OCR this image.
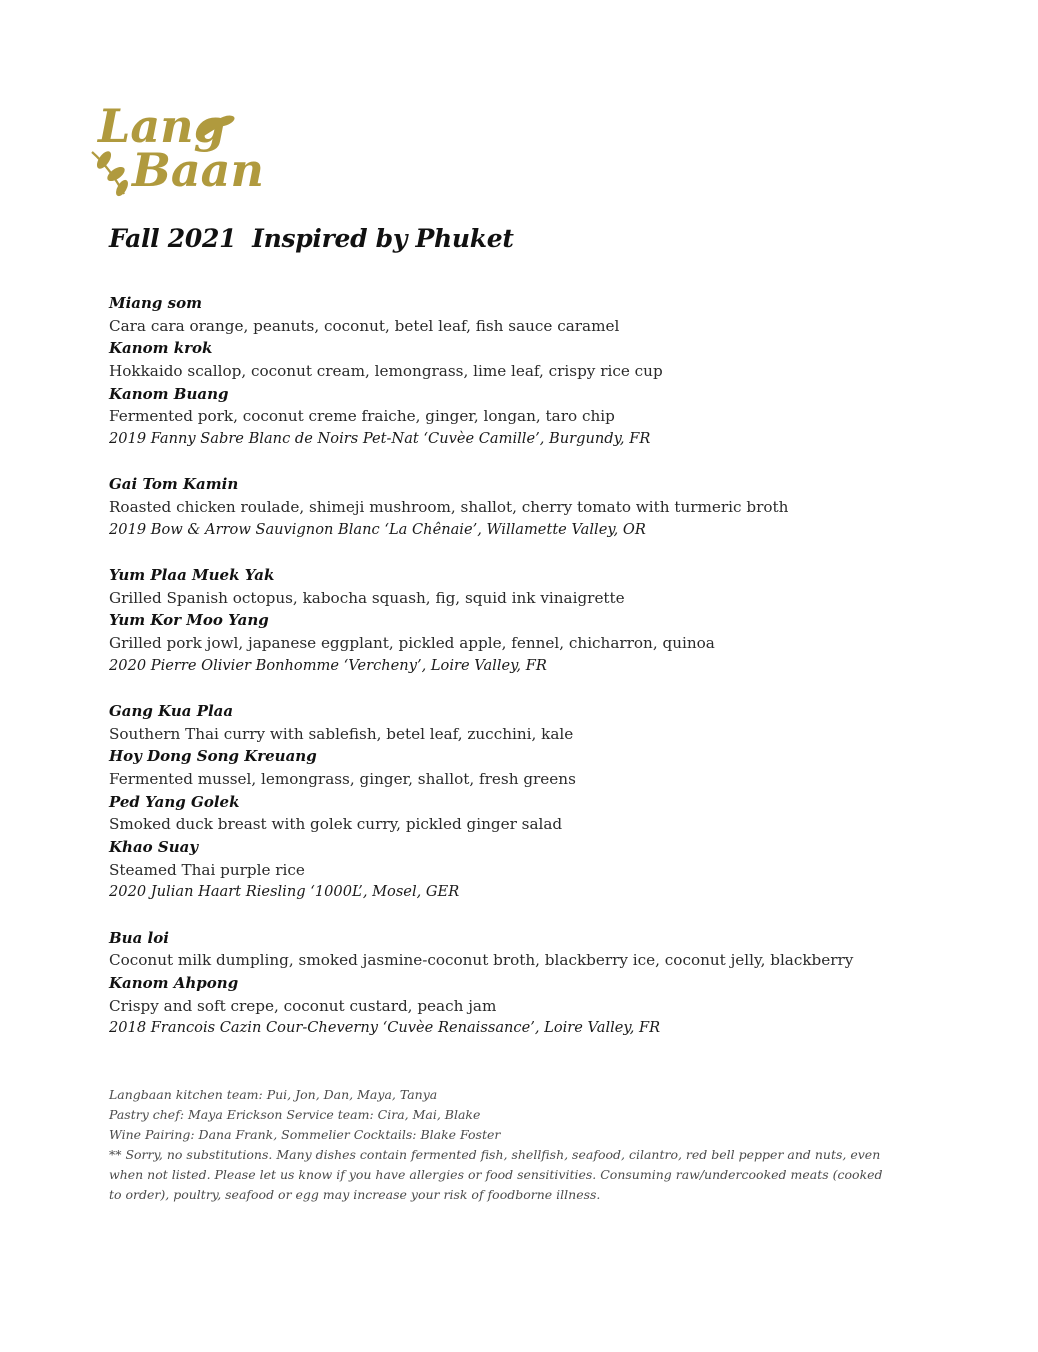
Lang
Baan
Fall 2021 Inspired by Phuket
Miang som
Cara cara orange, peanuts, coconut, betel leaf, fish sauce caramel
Kanom krok
Hokkaido scallop, coconut cream, lemongrass, lime leaf, crispy rice cup
Kanom Buang
Fermented pork, coconut creme fraiche, ginger, longan, taro chip
2019 Fanny Sabre Blanc de Noirs Pet-Nat ‘Cuvèe Camille’, Burgundy, FR
Gai Tom Kamin
Roasted chicken roulade, shimeji mushroom, shallot, cherry tomato with turmeric broth
2019 Bow & Arrow Sauvignon Blanc ‘La Chênaie’, Willamette Valley, OR
Yum Plaa Muek Yak
Grilled Spanish octopus, kabocha squash, fig, squid ink vinaigrette
Yum Kor Moo Yang
Grilled pork jowl, japanese eggplant, pickled apple, fennel, chicharron, quinoa
2020 Pierre Olivier Bonhomme ‘Vercheny’, Loire Valley, FR
Gang Kua Plaa
Southern Thai curry with sablefish, betel leaf, zucchini, kale
Hoy Dong Song Kreuang
Fermented mussel, lemongrass, ginger, shallot, fresh greens
Ped Yang Golek
Smoked duck breast with golek curry, pickled ginger salad
Khao Suay
Steamed Thai purple rice
2020 Julian Haart Riesling ‘1000L’, Mosel, GER
Bua loi
Coconut milk dumpling, smoked jasmine-coconut broth, blackberry ice, coconut jelly, blackberry
Kanom Ahpong
Crispy and soft crepe, coconut custard, peach jam
2018 Francois Cazin Cour-Cheverny ‘Cuvèe Renaissance’, Loire Valley, FR
Langbaan kitchen team: Pui, Jon, Dan, Maya, Tanya
Pastry chef: Maya Erickson Service team: Cira, Mai, Blake
Wine Pairing: Dana Frank, Sommelier Cocktails: Blake Foster
** Sorry, no substitutions. Many dishes contain fermented fish, shellfish, seafood, cilantro, red bell pepper and nuts, even when not listed. Please let us know if you have allergies or food sensitivities. Consuming raw/undercooked meats (cooked to order), poultry, seafood or egg may increase your risk of foodborne illness.
